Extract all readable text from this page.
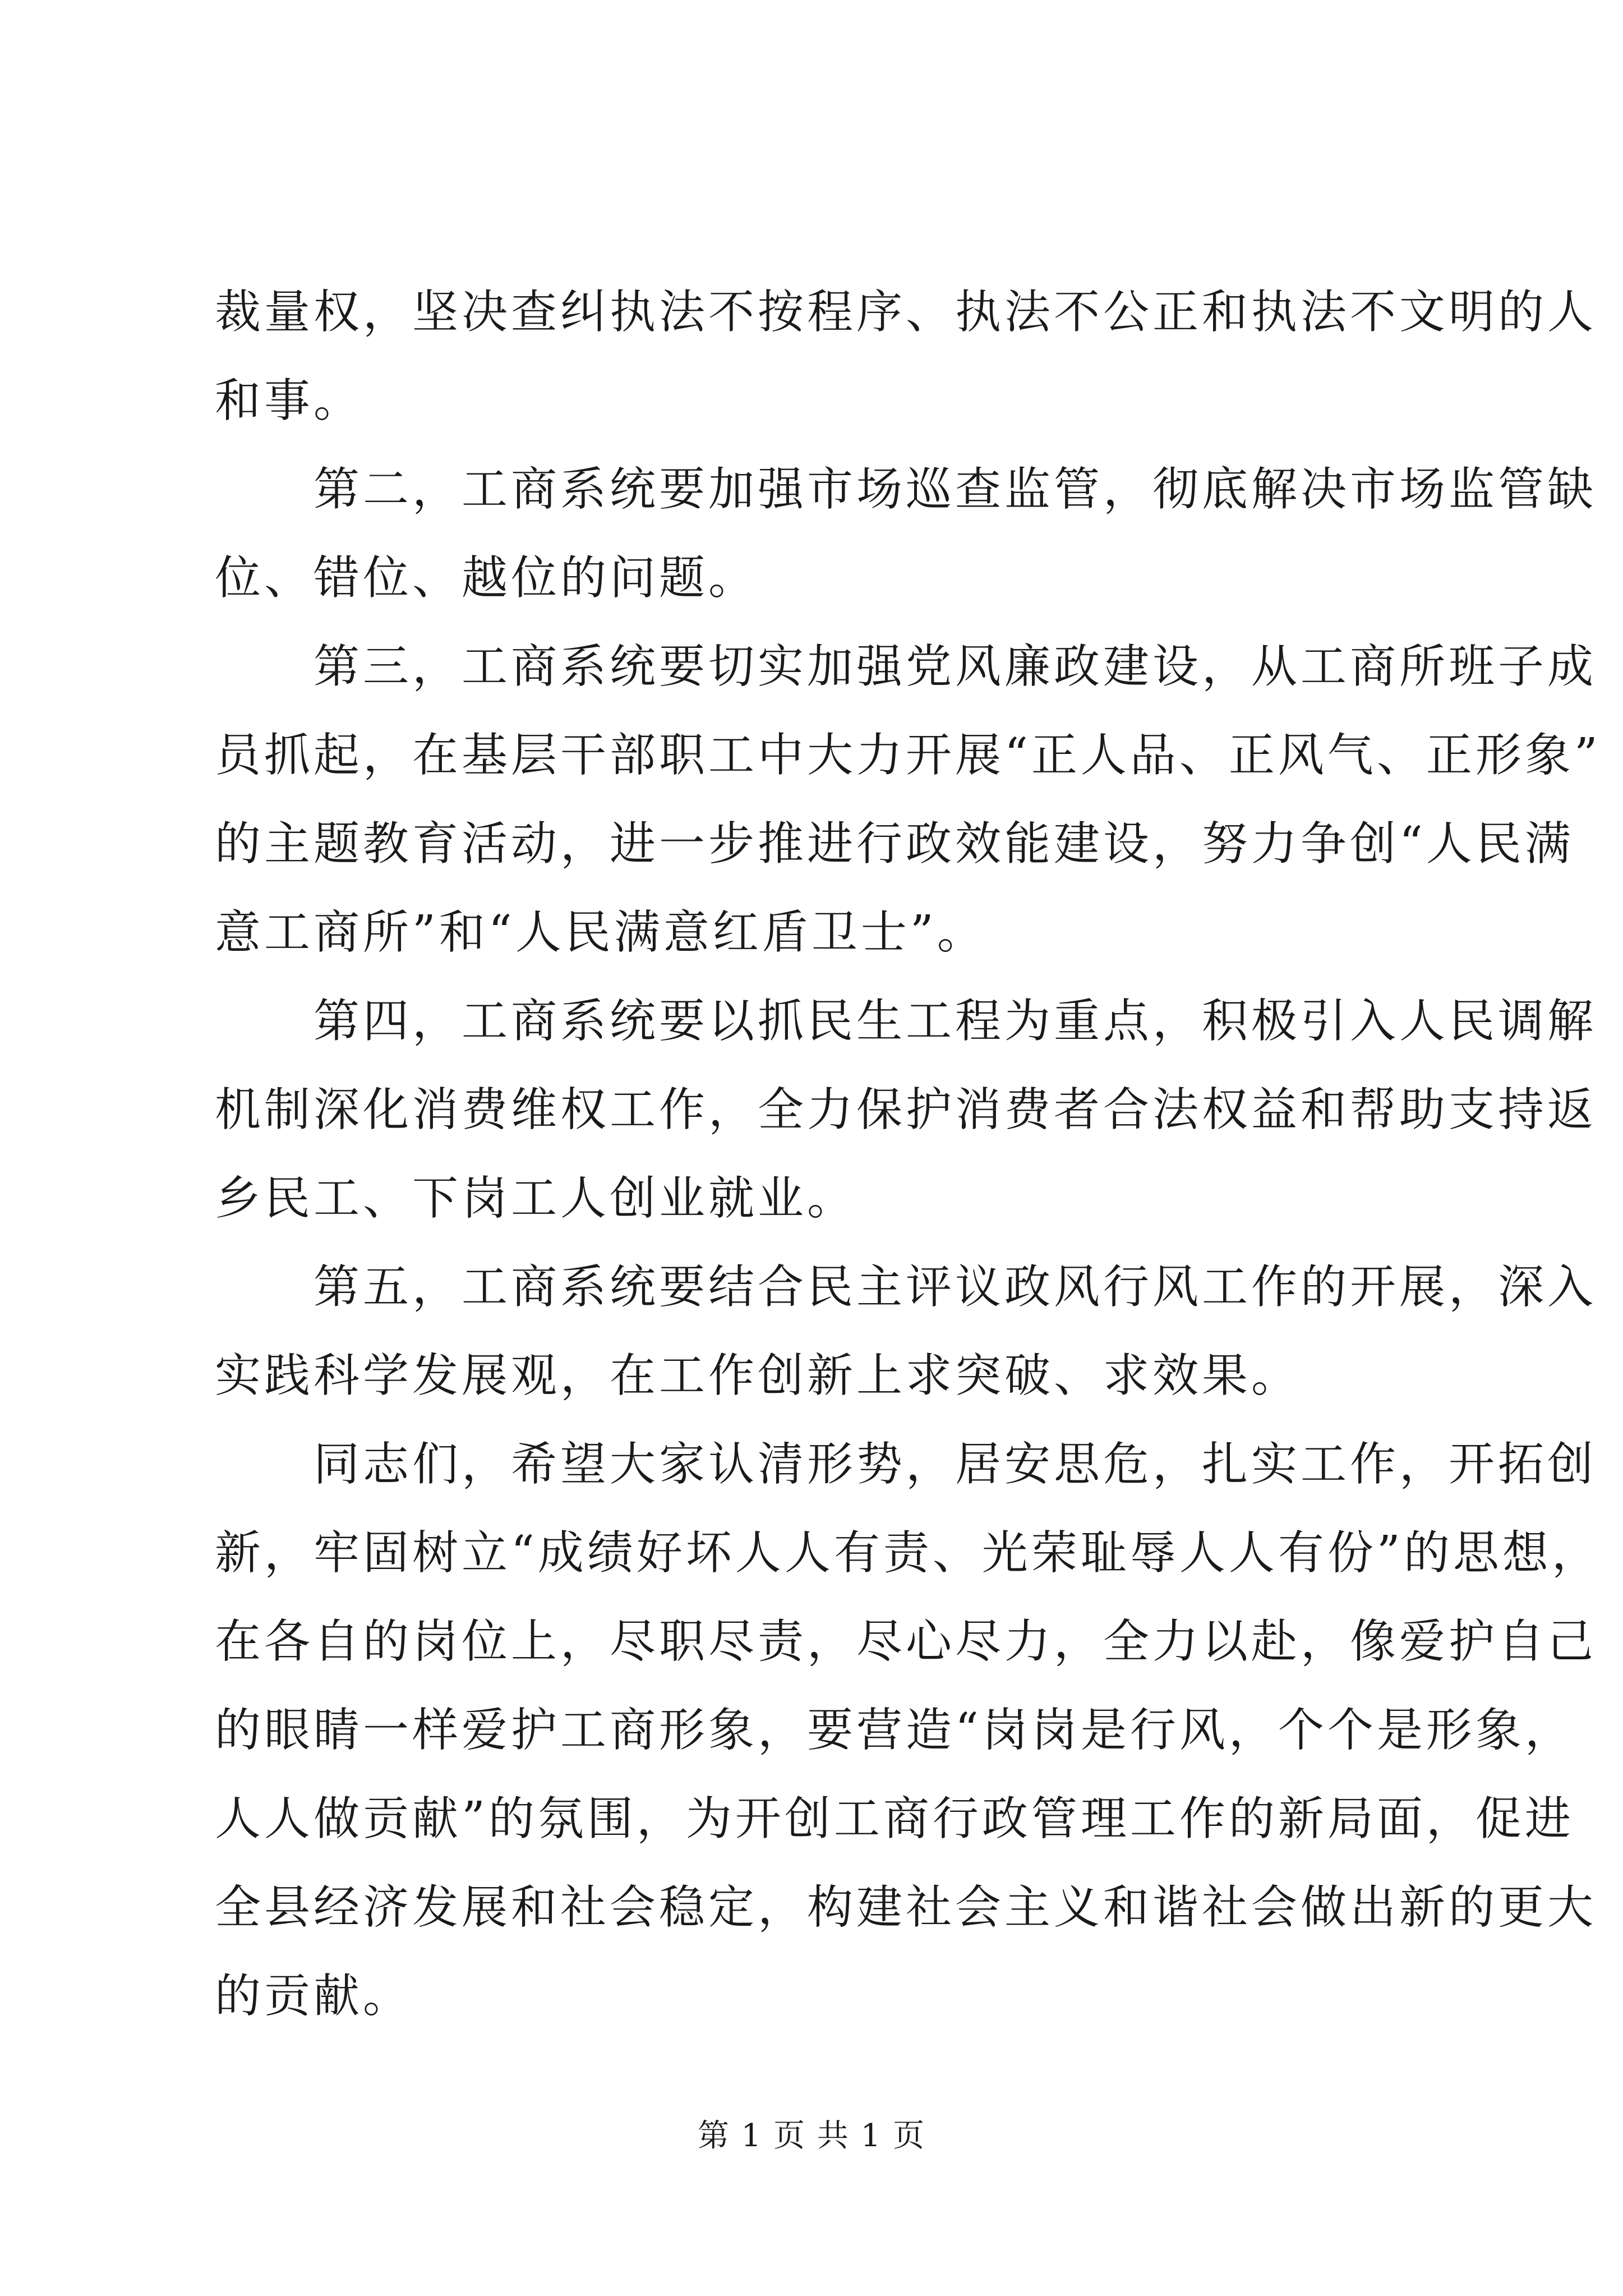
裁量权，坚决查纠执法不按程序、执法不公正和执法不文明的人
和事。
　　第二，工商系统要加强市场巡查监管，彻底解决市场监管缺
位、错位、越位的问题。
　　第三，工商系统要切实加强党风廉政建设，从工商所班子成
员抓起，在基层干部职工中大力开展“正人品、正风气、正形象”
的主题教育活动，进一步推进行政效能建设，努力争创“人民满
意工商所”和“人民满意红盾卫士”。
　　第四，工商系统要以抓民生工程为重点，积极引入人民调解
机制深化消费维权工作，全力保护消费者合法权益和帮助支持返
乡民工、下岗工人创业就业。
　　第五，工商系统要结合民主评议政风行风工作的开展，深入
实践科学发展观，在工作创新上求突破、求效果。
　　同志们，希望大家认清形势，居安思危，扎实工作，开拓创
新，牢固树立“成绩好坏人人有责、光荣耻辱人人有份”的思想，
在各自的岗位上，尽职尽责，尽心尽力，全力以赴，像爱护自己
的眼睛一样爱护工商形象，要营造“岗岗是行风，个个是形象，
人人做贡献”的氛围，为开创工商行政管理工作的新局面，促进
全县经济发展和社会稳定，构建社会主义和谐社会做出新的更大
的贡献。
第 1 页 共 1 页
